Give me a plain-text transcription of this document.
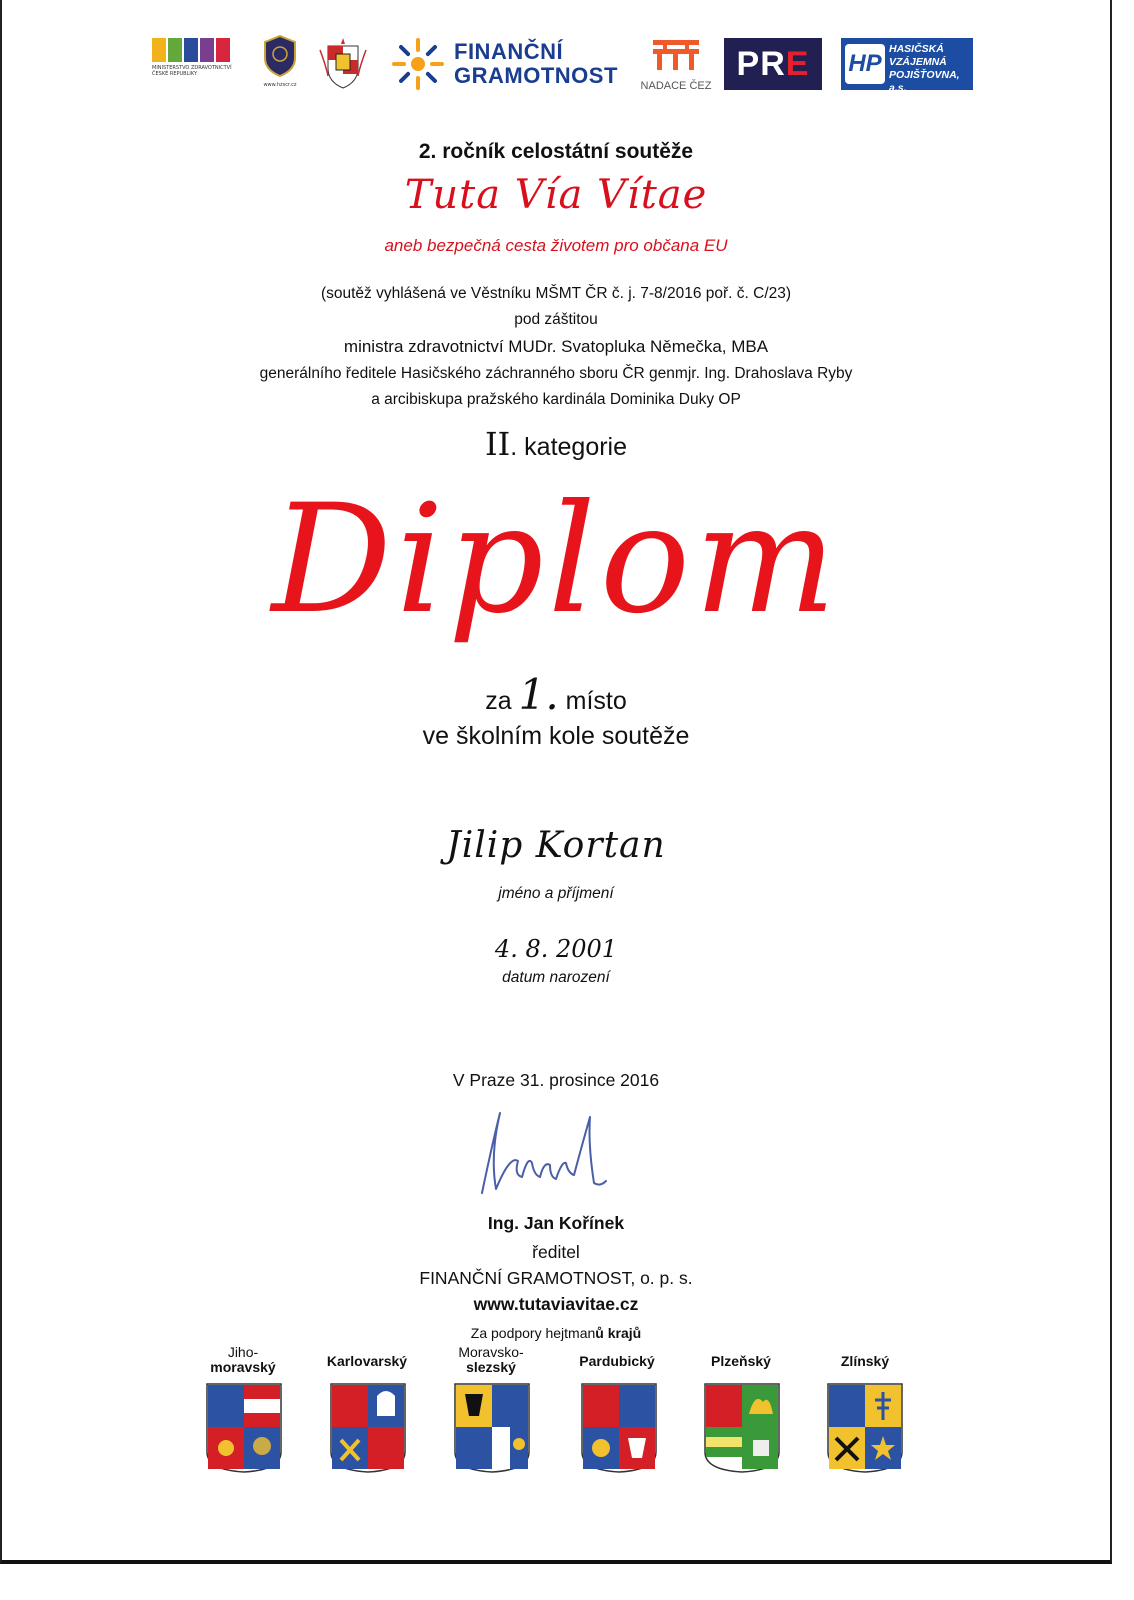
MINISTERSTVO ZDRAVOTNICTVÍ ČESKÉ REPUBLIKY
www.hzscr.cz
FINANČNÍ
GRAMOTNOST NADACE ČEZ
PRE	HP
HASIČSKÁ
VZÁJEMNÁ
POJIŠŤOVNA, a.s.
2. ročník celostátní soutěže
Tuta Vía Vítae
aneb bezpečná cesta životem pro občana EU
(soutěž vyhlášená ve Věstníku MŠMT ČR č. j. 7-8/2016 poř. č. C/23)
pod záštitou
ministra zdravotnictví MUDr. Svatopluka Němečka, MBA
generálního ředitele Hasičského záchranného sboru ČR genmjr. Ing. Drahoslava Ryby
a arcibiskupa pražského kardinála Dominika Duky OP
II. kategorie
Diplom
za 1. místo
ve školním kole soutěže
Jilip Kortan
jméno a příjmení
4. 8. 2001
datum narození
V Praze 31. prosince 2016
Ing. Jan Kořínek
ředitel
FINANČNÍ GRAMOTNOST, o. p. s.
www.tutaviavitae.cz
Za podpory hejtmanů krajů
Jiho-
moravský	Karlovarský
Moravsko-
slezský	Pardubický	Plzeňský	Zlínský
